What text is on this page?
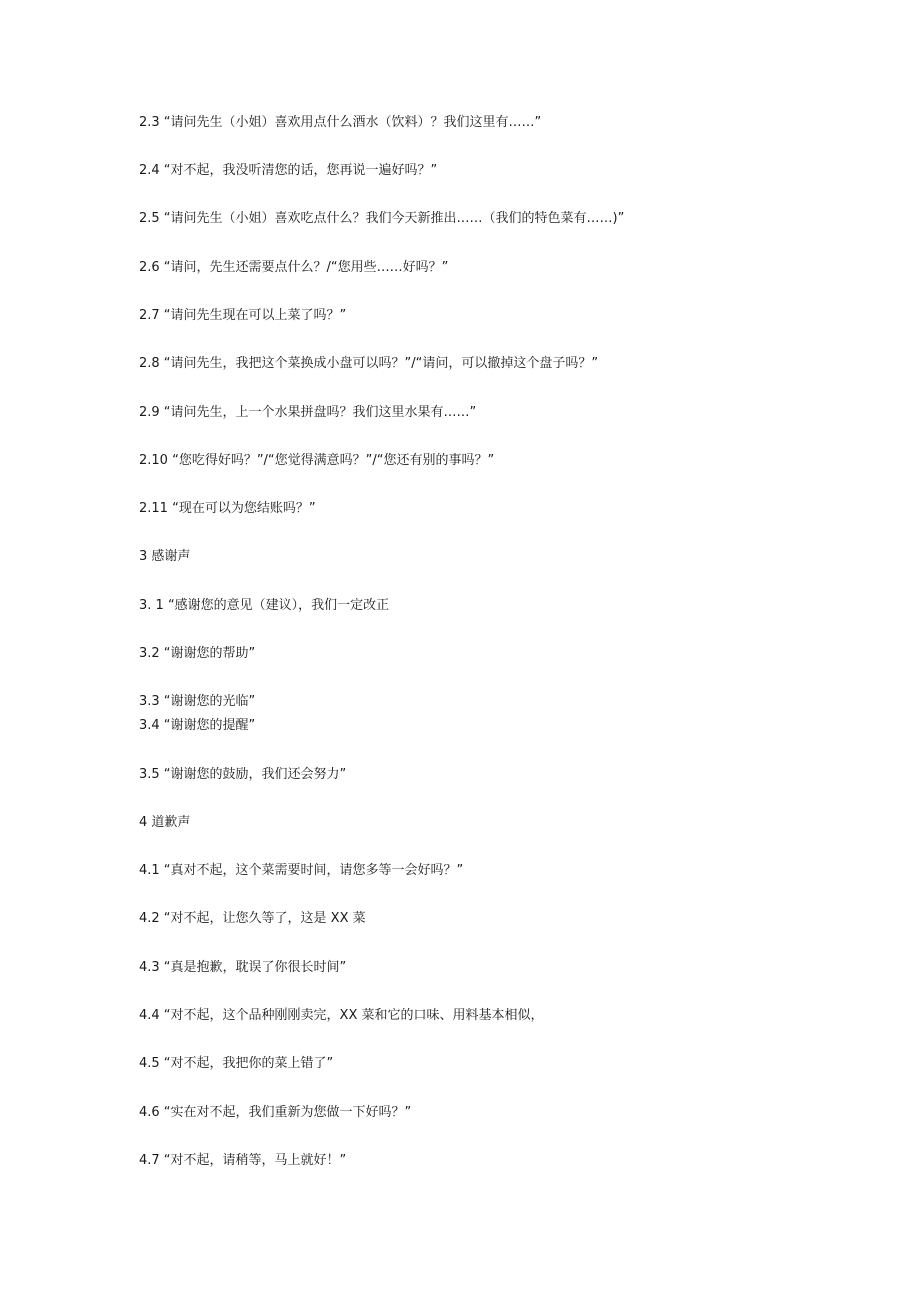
2.3 “请问先生（小姐）喜欢用点什么酒水（饮料）？我们这里有……”
2.4 “对不起，我没听清您的话，您再说一遍好吗？”
2.5 “请问先生（小姐）喜欢吃点什么？我们今天新推出……（我们的特色菜有……)”
2.6 “请问，先生还需要点什么？/“您用些……好吗？”
2.7 “请问先生现在可以上菜了吗？”
2.8 “请问先生，我把这个菜换成小盘可以吗？”/“请问，可以撤掉这个盘子吗？”
2.9 “请问先生，上一个水果拼盘吗？我们这里水果有……”
2.10 “您吃得好吗？”/“您觉得满意吗？”/“您还有别的事吗？”
2.11 “现在可以为您结账吗？”
3 感谢声
3. 1 “感谢您的意见（建议），我们一定改正
3.2 “谢谢您的帮助”
3.3 “谢谢您的光临”
3.4 “谢谢您的提醒”
3.5 “谢谢您的鼓励，我们还会努力”
4 道歉声
4.1 “真对不起，这个菜需要时间，请您多等一会好吗？”
4.2 “对不起，让您久等了，这是 XX 菜
4.3 “真是抱歉，耽误了你很长时间”
4.4 “对不起，这个品种刚刚卖完，XX 菜和它的口味、用料基本相似，
4.5 “对不起，我把你的菜上错了”
4.6 “实在对不起，我们重新为您做一下好吗？”
4.7 “对不起，请稍等，马上就好！”
